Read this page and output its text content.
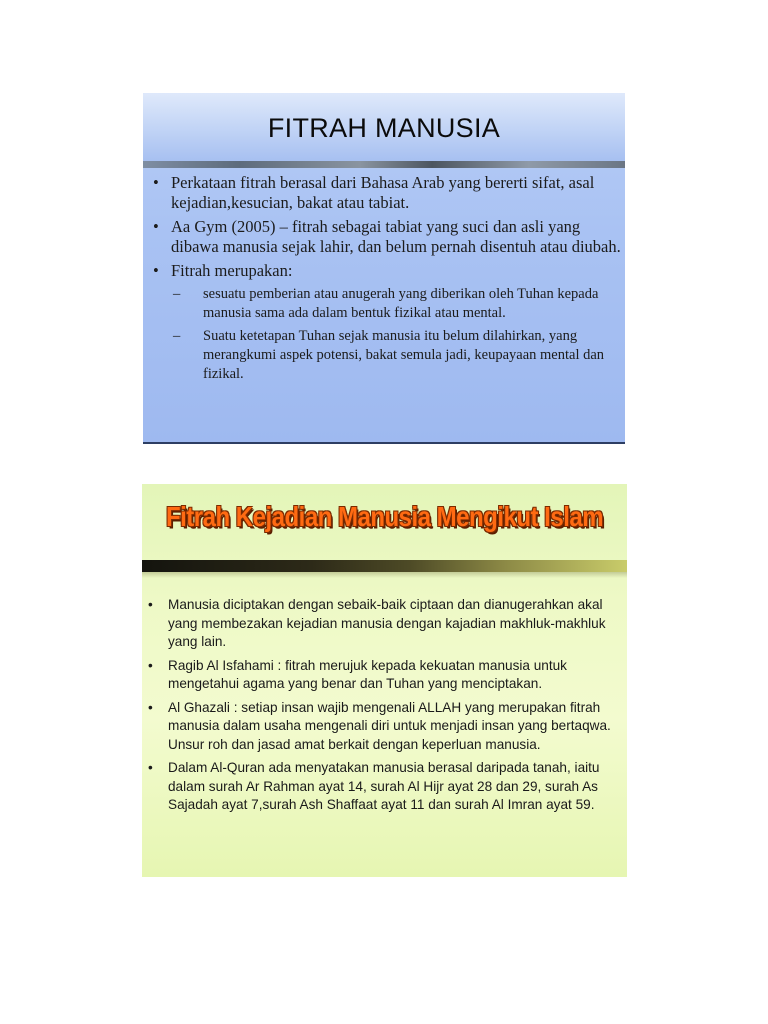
FITRAH MANUSIA
• Perkataan fitrah berasal dari Bahasa Arab yang bererti sifat, asal kejadian,kesucian, bakat atau tabiat.
• Aa Gym (2005) – fitrah sebagai tabiat yang suci dan asli yang dibawa manusia sejak lahir, dan belum pernah disentuh atau diubah.
• Fitrah merupakan:
–	sesuatu pemberian atau anugerah yang diberikan oleh Tuhan kepada manusia sama ada dalam bentuk fizikal atau mental.
–	Suatu ketetapan Tuhan sejak manusia itu belum dilahirkan, yang merangkumi aspek potensi, bakat semula jadi, keupayaan mental dan fizikal.
Fitrah Kejadian Manusia Mengikut Islam
•	Manusia diciptakan dengan sebaik-baik ciptaan dan dianugerahkan akal yang membezakan kejadian manusia dengan kajadian makhluk-makhluk yang lain.
•	Ragib Al Isfahami : fitrah merujuk kepada kekuatan manusia untuk mengetahui agama yang benar dan Tuhan yang menciptakan.
•	Al Ghazali : setiap insan wajib mengenali ALLAH yang merupakan fitrah manusia dalam usaha mengenali diri untuk menjadi insan yang bertaqwa. Unsur roh dan jasad amat berkait dengan keperluan manusia.
•	Dalam Al-Quran ada menyatakan manusia berasal daripada tanah, iaitu dalam surah Ar Rahman ayat 14, surah Al Hijr ayat 28 dan 29, surah As Sajadah ayat 7,surah Ash Shaffaat ayat 11 dan surah Al Imran ayat 59.
